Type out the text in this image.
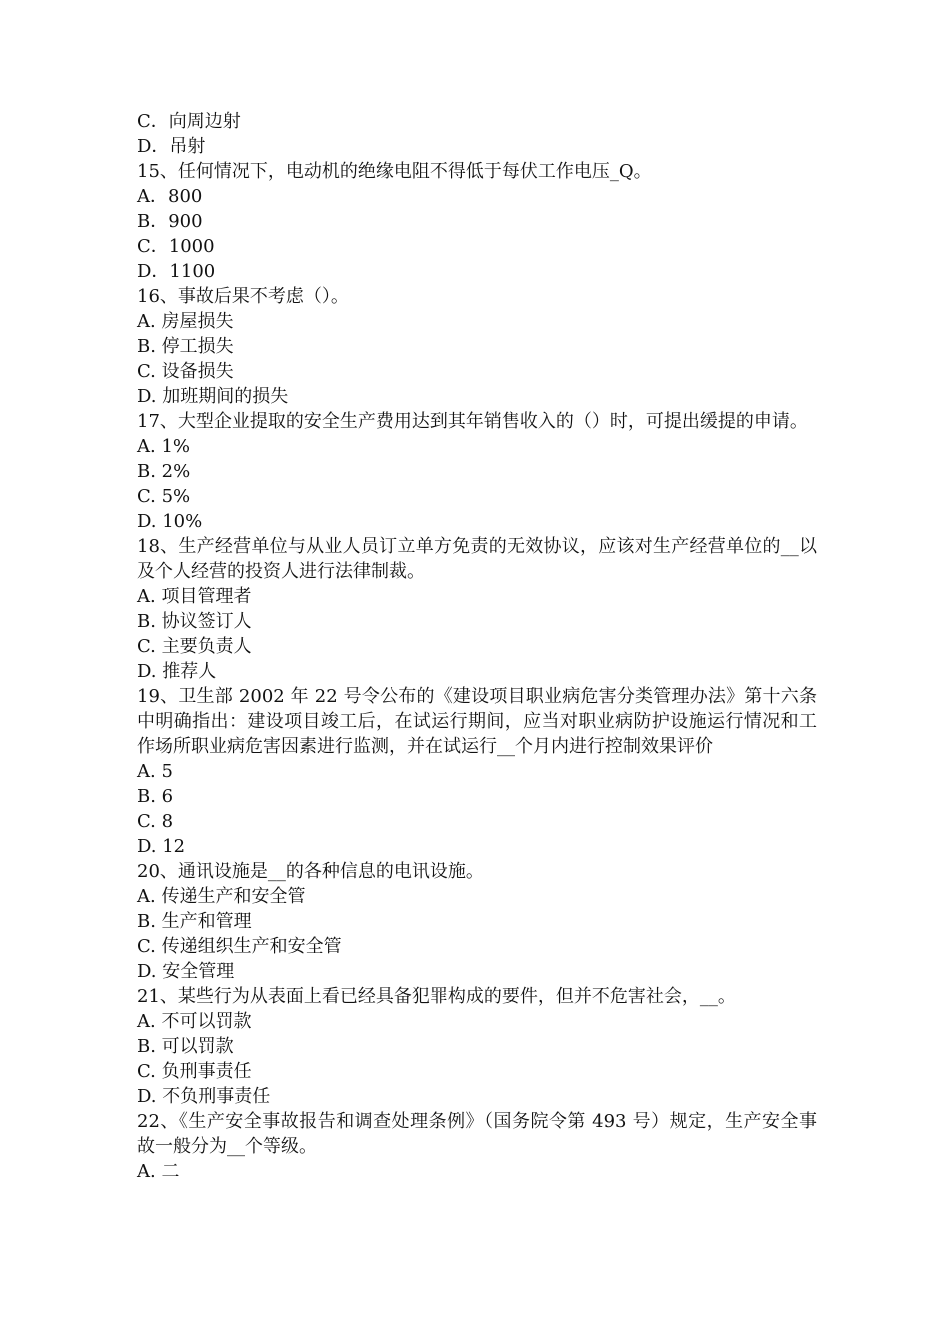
C．向周边射
D．吊射
15、任何情况下，电动机的绝缘电阻不得低于每伏工作电压_Q。
A．800
B．900
C．1000
D．1100
16、事故后果不考虑（）。
A. 房屋损失
B. 停工损失
C. 设备损失
D. 加班期间的损失
17、大型企业提取的安全生产费用达到其年销售收入的（）时，可提出缓提的申请。
A. 1%
B. 2%
C. 5%
D. 10%
18、生产经营单位与从业人员订立单方免责的无效协议，应该对生产经营单位的__以及个人经营的投资人进行法律制裁。
A. 项目管理者
B. 协议签订人
C. 主要负责人
D. 推荐人
19、卫生部 2002 年 22 号令公布的《建设项目职业病危害分类管理办法》第十六条中明确指出：建设项目竣工后，在试运行期间，应当对职业病防护设施运行情况和工作场所职业病危害因素进行监测，并在试运行__个月内进行控制效果评价
A. 5
B. 6
C. 8
D. 12
20、通讯设施是__的各种信息的电讯设施。
A. 传递生产和安全管
B. 生产和管理
C. 传递组织生产和安全管
D. 安全管理
21、某些行为从表面上看已经具备犯罪构成的要件，但并不危害社会，__。
A. 不可以罚款
B. 可以罚款
C. 负刑事责任
D. 不负刑事责任
22、《生产安全事故报告和调查处理条例》（国务院令第 493 号）规定，生产安全事故一般分为__个等级。
A. 二
